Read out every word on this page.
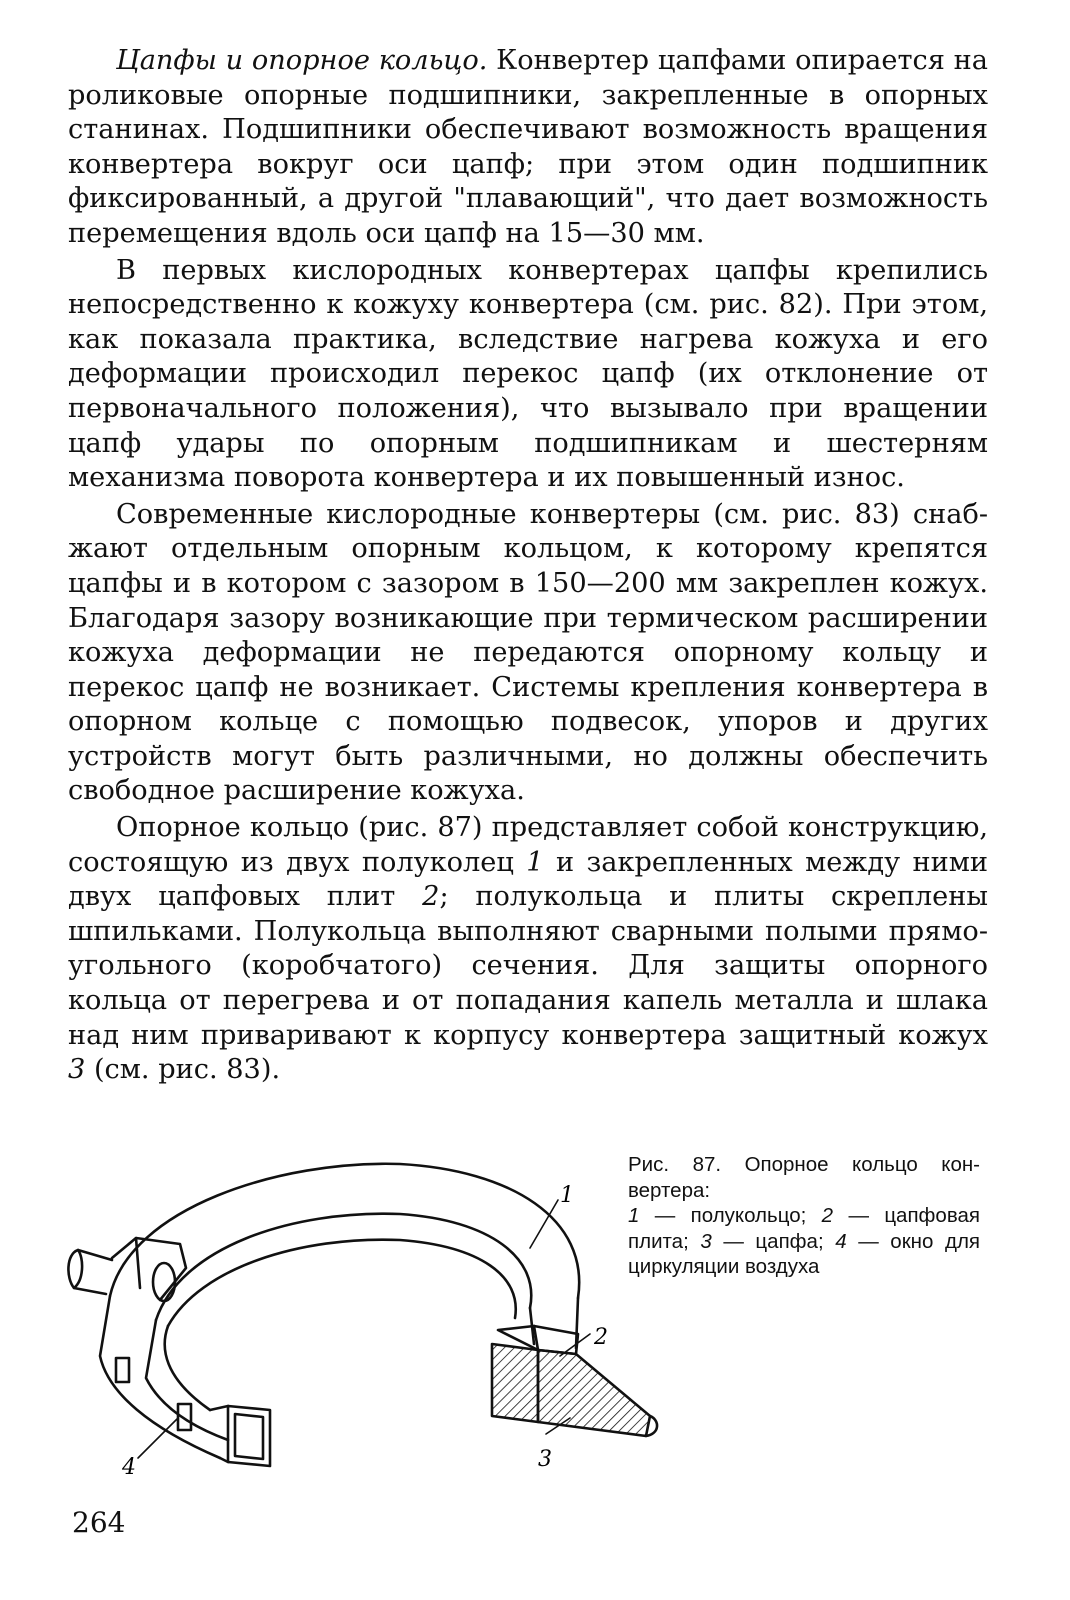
Цапфы и опорное кольцо. Конвертер цапфами опирается на роликовые опорные подшипники, закрепленные в опорных станинах. Подшипники обеспечивают возможность вращения конвертера вокруг оси цапф; при этом один подшипник фиксированный, а другой "плавающий", что дает возможность перемещения вдоль оси цапф на 15—30 мм.

В первых кислородных конвертерах цапфы крепились непосредственно к кожуху конвертера (см. рис. 82). При этом, как показала практика, вследствие нагрева кожуха и его деформации происходил перекос цапф (их отклонение от первоначального положения), что вызывало при вращении цапф удары по опорным подшипникам и шестерням механизма поворота конвертера и их повышенный износ.

Современные кислородные конвертеры (см. рис. 83) снабжают отдельным опорным кольцом, к которому крепятся цапфы и в котором с зазором в 150—200 мм закреплен кожух. Благодаря зазору возникающие при термическом расширении кожуха деформации не передаются опорному кольцу и перекос цапф не возникает. Системы крепления конвертера в опорном кольце с помощью подвесок, упоров и других устройств могут быть различными, но должны обеспечить свободное расширение кожуха.

Опорное кольцо (рис. 87) представляет собой конструкцию, состоящую из двух полуколец 1 и закрепленных между ними двух цапфовых плит 2; полукольца и плиты скреплены шпильками. Полукольца выполняют сварными полыми прямоугольного (коробчатого) сечения. Для защиты опорного кольца от перегрева и от попадания капель металла и шлака над ним приваривают к корпусу конвертера защитный кожух 3 (см. рис. 83).

1
2
3
4

Рис. 87. Опорное кольцо конвертера:

1 — полукольцо; 2 — цапфовая плита; 3 — цапфа; 4 — окно для циркуляции воздуха

264
